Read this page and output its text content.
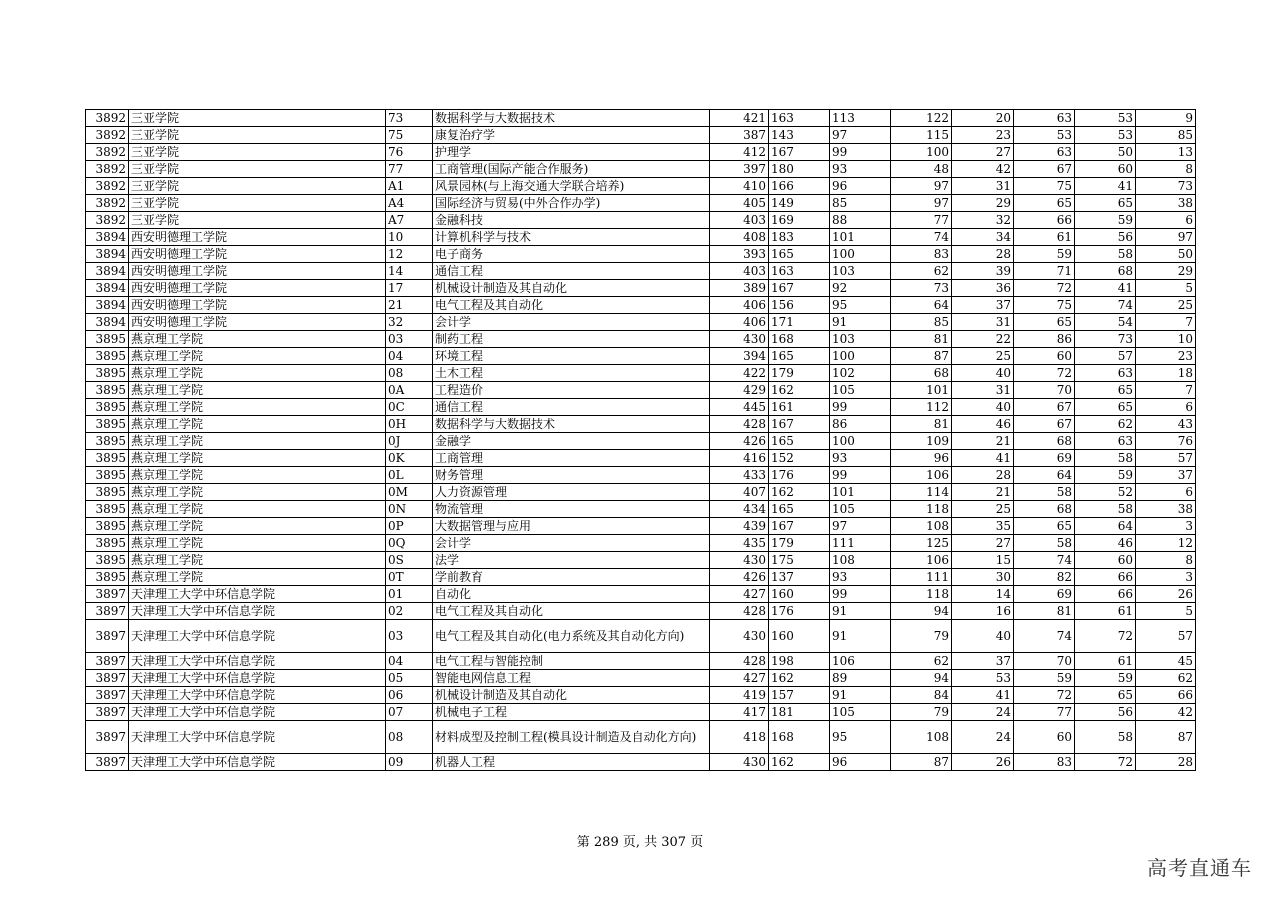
3892	三亚学院	73	数据科学与大数据技术	421	163	113	122	20	63	53	9
3892	三亚学院	75	康复治疗学	387	143	97	115	23	53	53	85
3892	三亚学院	76	护理学	412	167	99	100	27	63	50	13
3892	三亚学院	77	工商管理(国际产能合作服务)	397	180	93	48	42	67	60	8
3892	三亚学院	A1	风景园林(与上海交通大学联合培养)	410	166	96	97	31	75	41	73
3892	三亚学院	A4	国际经济与贸易(中外合作办学)	405	149	85	97	29	65	65	38
3892	三亚学院	A7	金融科技	403	169	88	77	32	66	59	6
3894	西安明德理工学院	10	计算机科学与技术	408	183	101	74	34	61	56	97
3894	西安明德理工学院	12	电子商务	393	165	100	83	28	59	58	50
3894	西安明德理工学院	14	通信工程	403	163	103	62	39	71	68	29
3894	西安明德理工学院	17	机械设计制造及其自动化	389	167	92	73	36	72	41	5
3894	西安明德理工学院	21	电气工程及其自动化	406	156	95	64	37	75	74	25
3894	西安明德理工学院	32	会计学	406	171	91	85	31	65	54	7
3895	燕京理工学院	03	制药工程	430	168	103	81	22	86	73	10
3895	燕京理工学院	04	环境工程	394	165	100	87	25	60	57	23
3895	燕京理工学院	08	土木工程	422	179	102	68	40	72	63	18
3895	燕京理工学院	0A	工程造价	429	162	105	101	31	70	65	7
3895	燕京理工学院	0C	通信工程	445	161	99	112	40	67	65	6
3895	燕京理工学院	0H	数据科学与大数据技术	428	167	86	81	46	67	62	43
3895	燕京理工学院	0J	金融学	426	165	100	109	21	68	63	76
3895	燕京理工学院	0K	工商管理	416	152	93	96	41	69	58	57
3895	燕京理工学院	0L	财务管理	433	176	99	106	28	64	59	37
3895	燕京理工学院	0M	人力资源管理	407	162	101	114	21	58	52	6
3895	燕京理工学院	0N	物流管理	434	165	105	118	25	68	58	38
3895	燕京理工学院	0P	大数据管理与应用	439	167	97	108	35	65	64	3
3895	燕京理工学院	0Q	会计学	435	179	111	125	27	58	46	12
3895	燕京理工学院	0S	法学	430	175	108	106	15	74	60	8
3895	燕京理工学院	0T	学前教育	426	137	93	111	30	82	66	3
3897	天津理工大学中环信息学院	01	自动化	427	160	99	118	14	69	66	26
3897	天津理工大学中环信息学院	02	电气工程及其自动化	428	176	91	94	16	81	61	5
3897	天津理工大学中环信息学院	03	电气工程及其自动化(电力系统及其自动化方向)	430	160	91	79	40	74	72	57
3897	天津理工大学中环信息学院	04	电气工程与智能控制	428	198	106	62	37	70	61	45
3897	天津理工大学中环信息学院	05	智能电网信息工程	427	162	89	94	53	59	59	62
3897	天津理工大学中环信息学院	06	机械设计制造及其自动化	419	157	91	84	41	72	65	66
3897	天津理工大学中环信息学院	07	机械电子工程	417	181	105	79	24	77	56	42
3897	天津理工大学中环信息学院	08	材料成型及控制工程(模具设计制造及自动化方向)	418	168	95	108	24	60	58	87
3897	天津理工大学中环信息学院	09	机器人工程	430	162	96	87	26	83	72	28
第 289 页, 共 307 页
高考直通车
